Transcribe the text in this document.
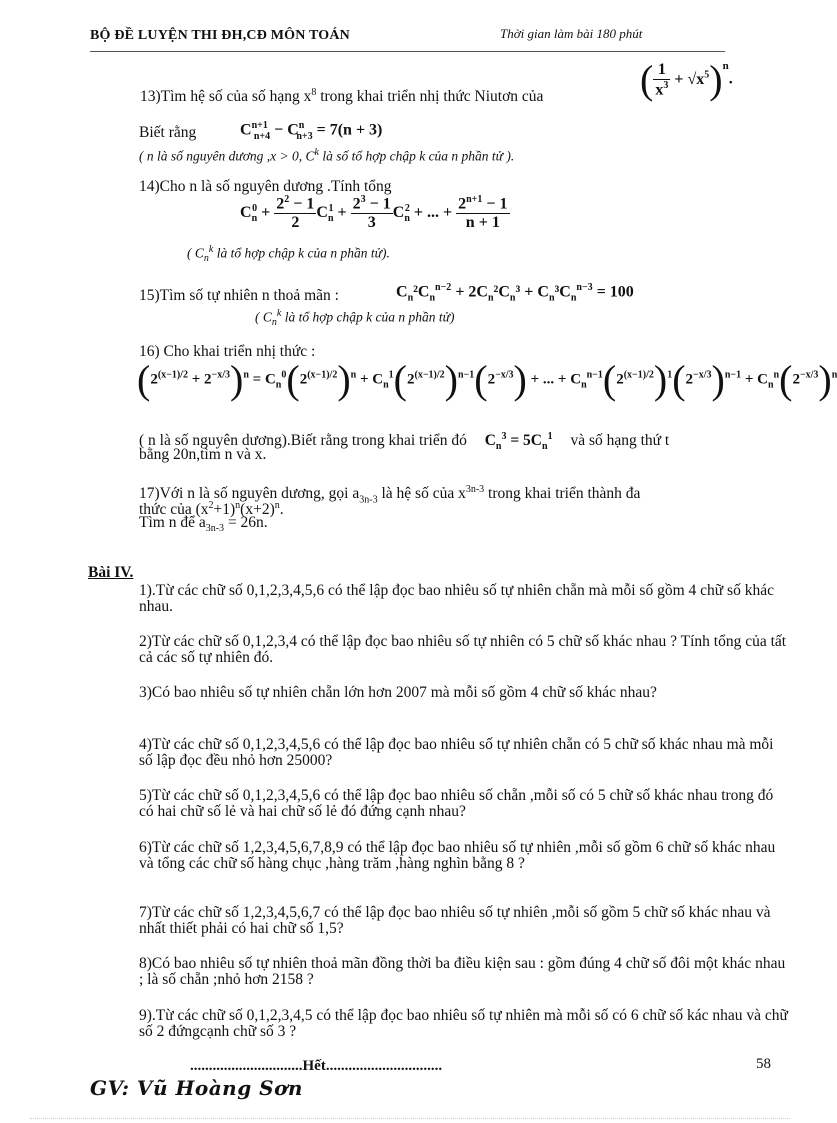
BỘ ĐỀ LUYỆN THI ĐH,CĐ MÔN TOÁN	Thời gian làm bài 180 phút
13)Tìm hệ số của số hạng $x^8$ trong khai triển nhị thức Niutơn của ( $\frac{1}{x^3} + √x^5)^n$.
Biết rằng	$C^{n+1}_{n+4} - C^n_{n+3} = 7(n + 3)$
( n là số nguyên dương ,x > 0, $C^k$ là số tổ hợp chập k của n phần tử ).
14)Cho n là số nguyên dương .Tính tổng
$C_n^0 + \frac{2^2 - 1}{2} C_n^1 + \frac{2^3 - 1}{3} C_n^2$ + ... + $\frac{2^{n+1} - 1}{n + 1}$
( $C_n^k$ là tổ hợp chập k của n phần tử).
15)Tìm số tự nhiên n thoả mãn :	$C_n^2C_n^{n-2} + 2C_n^2C_n^3 + C_n^3C_n^{n-3} = 100$
( $C_n^k$ là tổ hợp chập k của n phần tử)
16) Cho khai triển nhị thức :
$(2^{(x-1)/2} + 2^{-x/3})^n = C_n^0(2^{(x-1)/2})^n + C_n^1(2^{(x-1)/2})^{n-1}(2^{-x/3})$ + ... + $C_n^{n-1}(2^{(x-1)/2})^1(2^{-x/3})^{n-1} + C_n^n(2^{-x/3})^n$
( n là số nguyên dương).Biết rằng trong khai triển đó $C_n^3 = 5C_n^1$ và số hạng thứ t
bằng 20n,tìm n và x.
17)Với n là số nguyên dương, gọi $a_{3n-3}$ là hệ số của $x^{3n-3}$ trong khai triển thành đa
thức của $(x^2+1)^n(x+2)^n$.
Tìm n để $a_{3n-3} = 26n$.
Bài IV.
1).Từ các chữ số 0,1,2,3,4,5,6 có thể lập đọc bao nhiêu số tự nhiên chẵn mà mỗi số gồm 4 chữ số khác nhau.
2)Từ các chữ số 0,1,2,3,4 có thể lập đọc bao nhiêu số tự nhiên có 5 chữ số khác nhau ? Tính tổng của tất cả các số tự nhiên đó.
3)Có bao nhiêu số tự nhiên chẵn lớn hơn 2007 mà mỗi số gồm 4 chữ số khác nhau?
4)Từ các chữ số 0,1,2,3,4,5,6 có thể lập đọc bao nhiêu số tự nhiên chẵn có 5 chữ số khác nhau mà mỗi số lập đọc đều nhỏ hơn 25000?
5)Từ các chữ số 0,1,2,3,4,5,6 có thể lập đọc bao nhiêu số chẵn ,mỗi số có 5 chữ số khác nhau trong đó có hai chữ số lẻ và hai chữ số lẻ đó đứng cạnh nhau?
6)Từ các chữ số 1,2,3,4,5,6,7,8,9 có thể lập đọc bao nhiêu số tự nhiên ,mỗi số gồm 6 chữ số khác nhau và tổng các chữ số hàng chục ,hàng trăm ,hàng nghìn bằng 8 ?
7)Từ các chữ số 1,2,3,4,5,6,7 có thể lập đọc bao nhiêu số tự nhiên ,mỗi số gồm 5 chữ số khác nhau và nhất thiết phải có hai chữ số 1,5?
8)Có bao nhiêu số tự nhiên thoả mãn đồng thời ba điều kiện sau : gồm đúng 4 chữ số đôi một khác nhau ; là số chẵn ;nhỏ hơn 2158 ?
9).Từ các chữ số 0,1,2,3,4,5 có thể lập đọc bao nhiêu số tự nhiên mà mỗi số có 6 chữ số kác nhau và chữ số 2 đứngcạnh chữ số 3 ?
..............................Hết...............................	58
GV: Vũ Hoàng Sơn
